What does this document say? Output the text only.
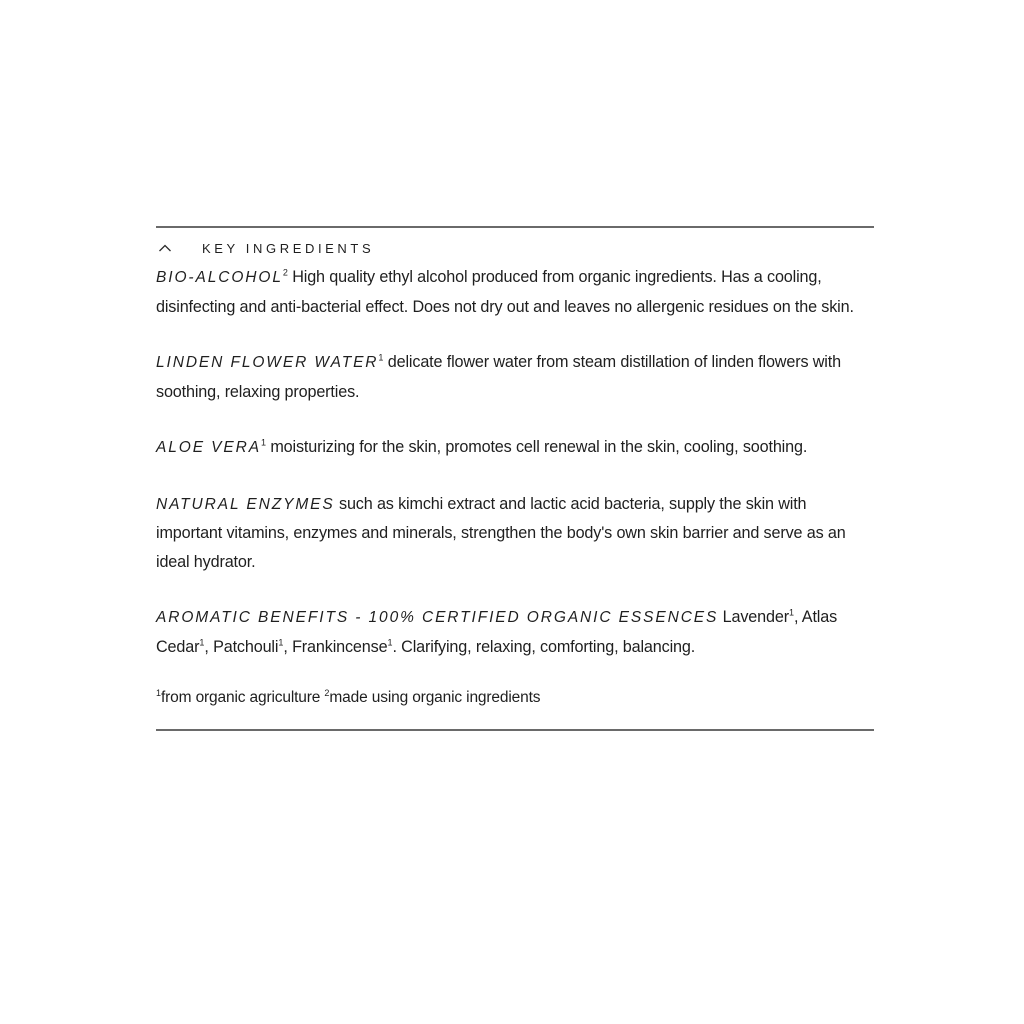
KEY INGREDIENTS

BIO-ALCOHOL$^2$ High quality ethyl alcohol produced from organic ingredients. Has a cooling, disinfecting and anti-bacterial effect. Does not dry out and leaves no allergenic residues on the skin.

LINDEN FLOWER WATER$^1$ delicate flower water from steam distillation of linden flowers with soothing, relaxing properties.

ALOE VERA$^1$ moisturizing for the skin, promotes cell renewal in the skin, cooling, soothing.

NATURAL ENZYMES such as kimchi extract and lactic acid bacteria, supply the skin with important vitamins, enzymes and minerals, strengthen the body's own skin barrier and serve as an ideal hydrator.

AROMATIC BENEFITS - 100% CERTIFIED ORGANIC ESSENCES Lavender$^1$, Atlas Cedar$^1$, Patchouli$^1$, Frankincense$^1$. Clarifying, relaxing, comforting, balancing.

$^1$from organic agriculture $^2$made using organic ingredients
